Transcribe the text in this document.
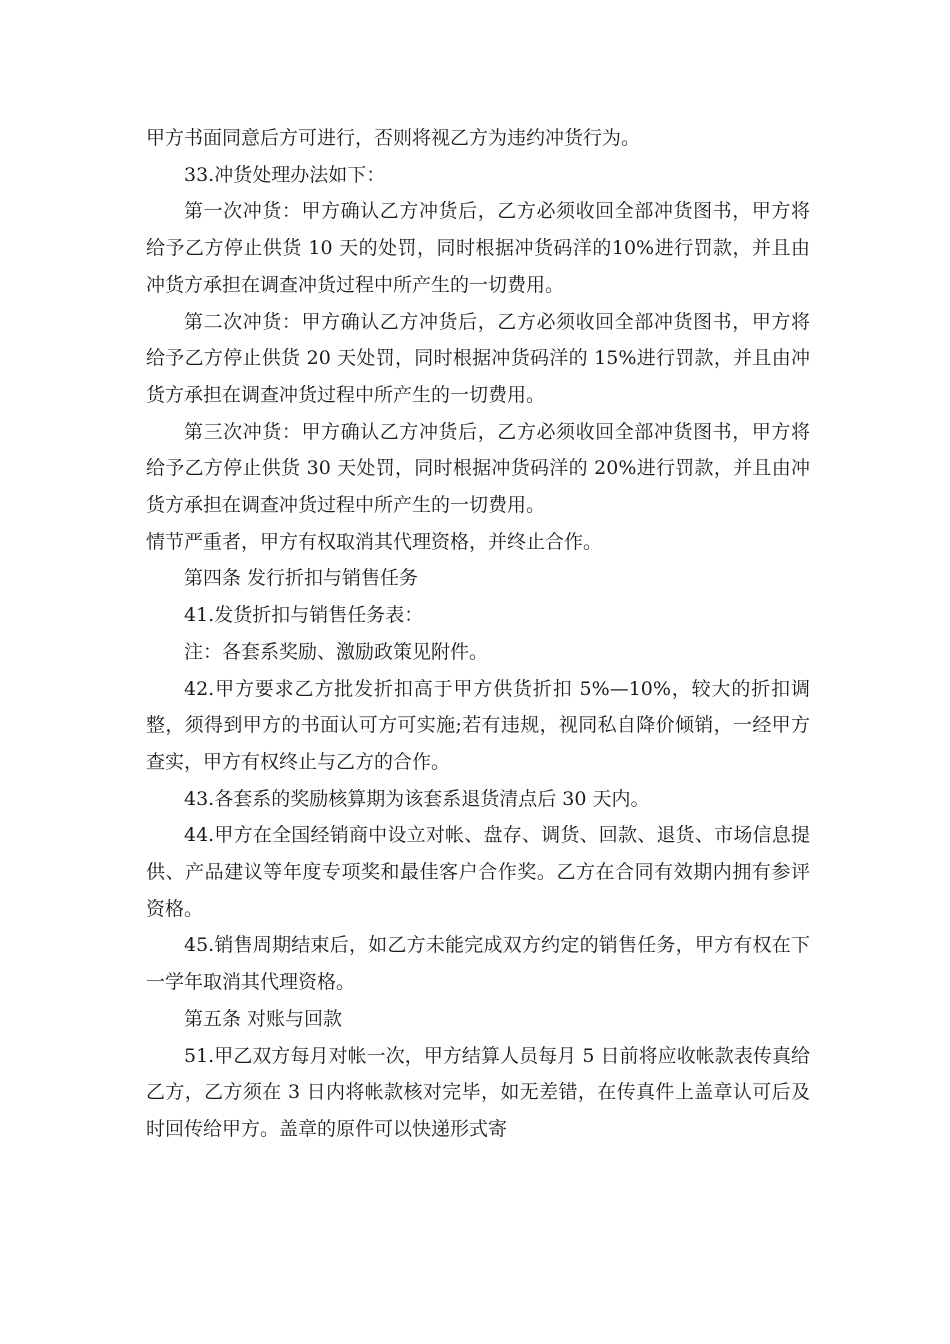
甲方书面同意后方可进行，否则将视乙方为违约冲货行为。

33.冲货处理办法如下：

第一次冲货：甲方确认乙方冲货后，乙方必须收回全部冲货图书，甲方将给予乙方停止供货 10 天的处罚，同时根据冲货码洋的10%进行罚款，并且由冲货方承担在调查冲货过程中所产生的一切费用。

第二次冲货：甲方确认乙方冲货后，乙方必须收回全部冲货图书，甲方将给予乙方停止供货 20 天处罚，同时根据冲货码洋的 15%进行罚款，并且由冲货方承担在调查冲货过程中所产生的一切费用。

第三次冲货：甲方确认乙方冲货后，乙方必须收回全部冲货图书，甲方将给予乙方停止供货 30 天处罚，同时根据冲货码洋的 20%进行罚款，并且由冲货方承担在调查冲货过程中所产生的一切费用。

情节严重者，甲方有权取消其代理资格，并终止合作。

第四条 发行折扣与销售任务

41.发货折扣与销售任务表：

注：各套系奖励、激励政策见附件。

42.甲方要求乙方批发折扣高于甲方供货折扣 5%—10%，较大的折扣调整，须得到甲方的书面认可方可实施;若有违规，视同私自降价倾销，一经甲方查实，甲方有权终止与乙方的合作。

43.各套系的奖励核算期为该套系退货清点后 30 天内。

44.甲方在全国经销商中设立对帐、盘存、调货、回款、退货、市场信息提供、产品建议等年度专项奖和最佳客户合作奖。乙方在合同有效期内拥有参评资格。

45.销售周期结束后，如乙方未能完成双方约定的销售任务，甲方有权在下一学年取消其代理资格。

第五条 对账与回款

51.甲乙双方每月对帐一次，甲方结算人员每月 5 日前将应收帐款表传真给乙方，乙方须在 3 日内将帐款核对完毕，如无差错，在传真件上盖章认可后及时回传给甲方。盖章的原件可以快递形式寄
